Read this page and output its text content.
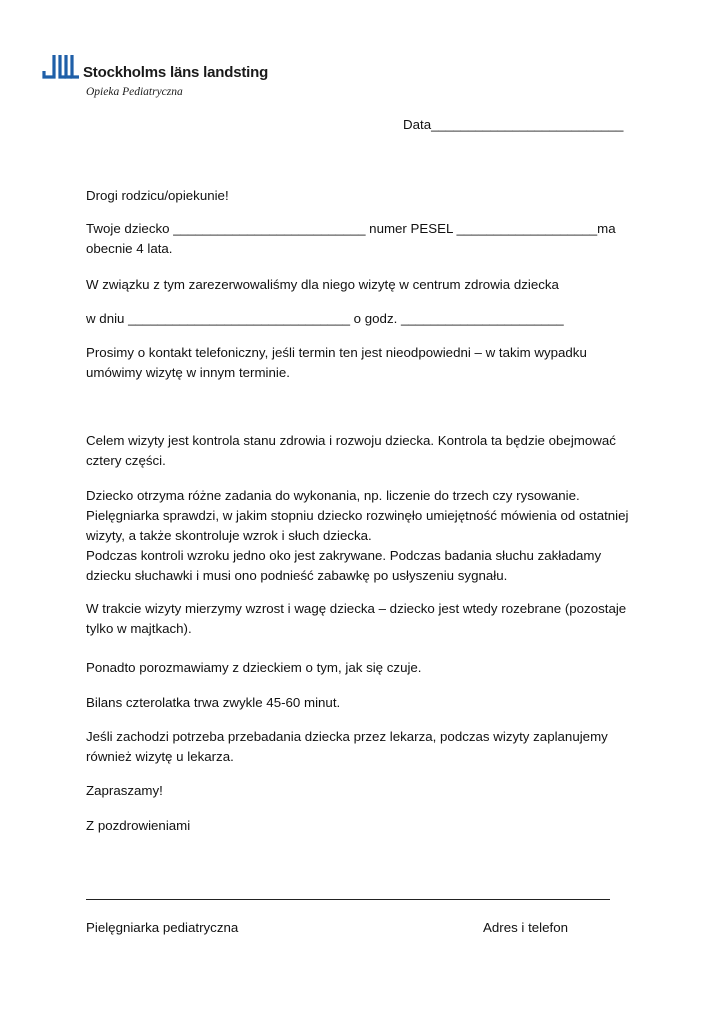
Stockholms läns landsting
Opieka Pediatryczna
Data__________________________
Drogi rodzicu/opiekunie!
Twoje dziecko __________________________ numer PESEL ___________________ma
obecnie 4 lata.
W związku z tym zarezerwowaliśmy dla niego wizytę w centrum zdrowia dziecka
w dniu ______________________________ o godz. ______________________
Prosimy o kontakt telefoniczny, jeśli termin ten jest nieodpowiedni – w takim wypadku umówimy wizytę w innym terminie.
Celem wizyty jest kontrola stanu zdrowia i rozwoju dziecka. Kontrola ta będzie obejmować cztery części.
Dziecko otrzyma różne zadania do wykonania, np. liczenie do trzech czy rysowanie. Pielęgniarka sprawdzi, w jakim stopniu dziecko rozwinęło umiejętność mówienia od ostatniej wizyty, a także skontroluje wzrok i słuch dziecka.
Podczas kontroli wzroku jedno oko jest zakrywane. Podczas badania słuchu zakładamy dziecku słuchawki i musi ono podnieść zabawkę po usłyszeniu sygnału.
W trakcie wizyty mierzymy wzrost i wagę dziecka – dziecko jest wtedy rozebrane (pozostaje tylko w majtkach).
Ponadto porozmawiamy z dzieckiem o tym, jak się czuje.
Bilans czterolatka trwa zwykle 45-60 minut.
Jeśli zachodzi potrzeba przebadania dziecka przez lekarza, podczas wizyty zaplanujemy również wizytę u lekarza.
Zapraszamy!
Z pozdrowieniami
Pielęgniarka pediatryczna	Adres i telefon
